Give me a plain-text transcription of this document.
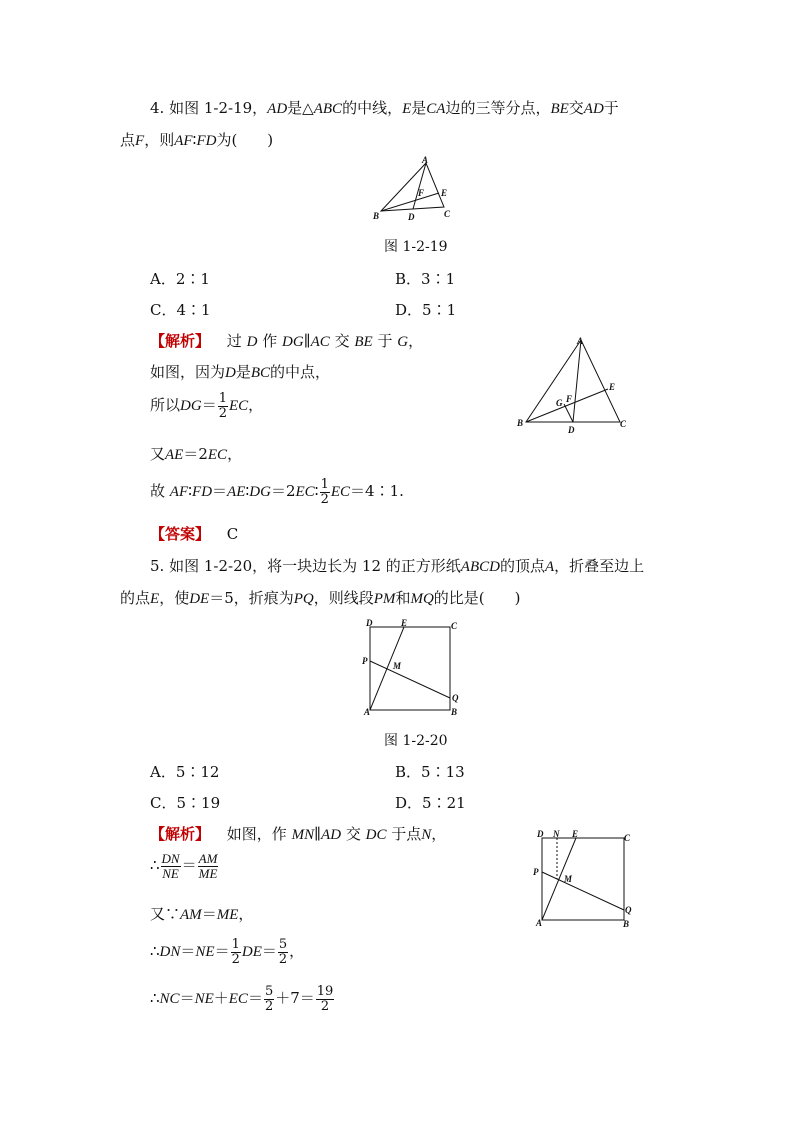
4. 如图 1-2-19，AD是△ABC的中线，E是CA边的三等分点，BE交AD于
点F，则AF∶FD为(　　)
A
B	C
D
E
F
图 1-2-19
A．2∶1	B．3∶1
C．4∶1	D．5∶1
【解析】 过 D 作 DG∥AC 交 BE 于 G，
如图，因为D是BC的中点，
所以$DG= \frac{1}{2}$ EC，
又AE＝2EC，
故 AF∶FD＝AE∶DG＝2EC∶ $\frac{1}{2}$ EC＝4∶1.
A
B	C
D
E
F
G
【答案】 C
5. 如图 1-2-20，将一块边长为 12 的正方形纸ABCD的顶点A，折叠至边上
的点E，使DE＝5，折痕为PQ，则线段PM和MQ的比是(　　)
D	E	C
P	M
Q
A	B
图 1-2-20
A．5∶12	B．5∶13
C．5∶19	D．5∶21
【解析】 如图，作 MN∥AD 交 DC 于点N，
∴ $\frac{DN}{NE} = \frac{AM}{ME}$
又∵AM＝ME，
∴DN＝NE＝ $\frac{1}{2} DE= \frac{5}{2}$ ，
∴NC＝NE＋EC＝ $\frac{5}{2} +7= \frac{19}{2}$
D N E	C
P
M
Q
A	B
